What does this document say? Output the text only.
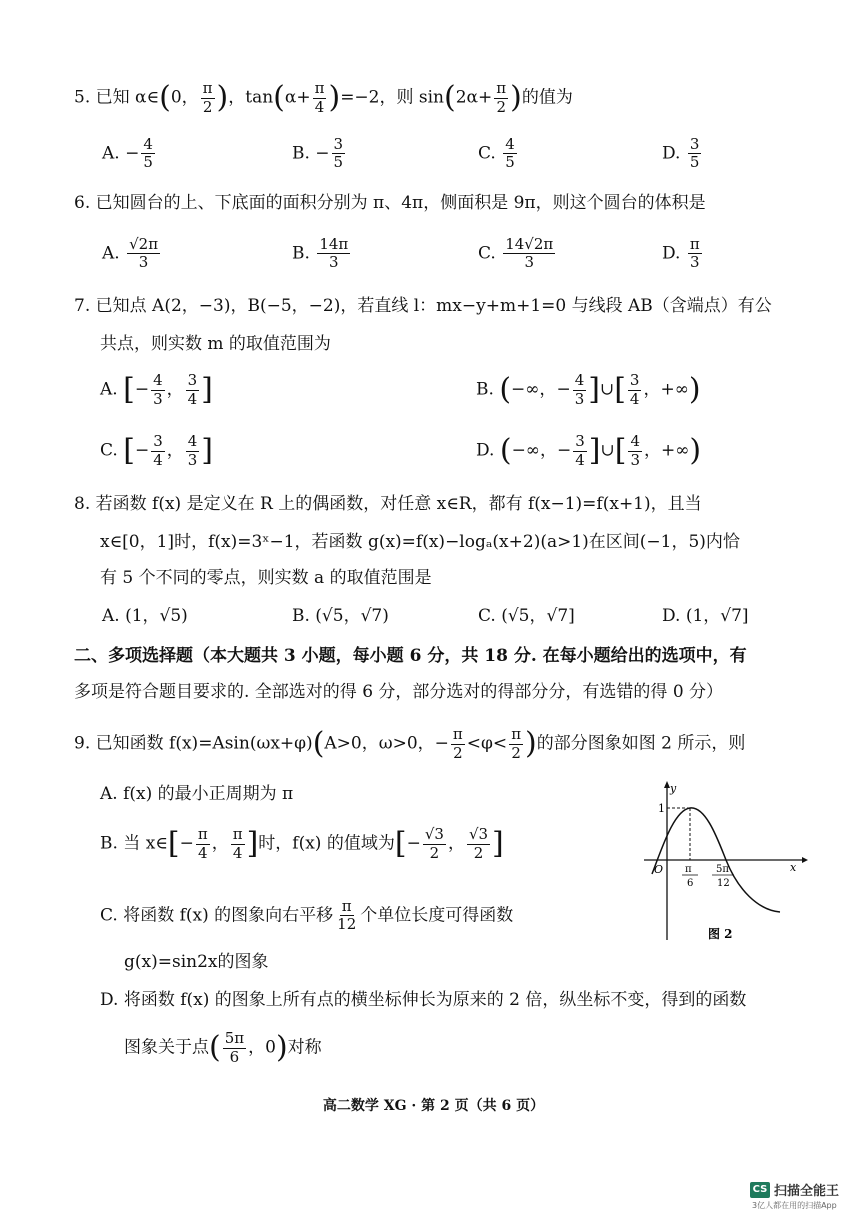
5. 已知 α∈(0， $\frac{\pi}{2}$ )，$\tan(\alpha+ \frac{\pi}{4} )=-2$，则 $\sin(2\alpha+ \frac{\pi}{2}$ )的值为
A. − $\frac{4}{5}$	B. − $\frac{3}{5}$	C. $\frac{4}{5}$	D. $\frac{3}{5}$
6. 已知圆台的上、下底面的面积分别为 π、4π，侧面积是 9π，则这个圆台的体积是
A. $\frac{√2\pi}{3}$	B. $\frac{14\pi}{3}$	C. $\frac{14√2\pi}{3}$	D. $\frac{\pi}{3}$
7. 已知点 A(2，−3)，B(−5，−2)，若直线 l：mx−y+m+1=0 与线段 AB（含端点）有公
共点，则实数 m 的取值范围为
A. [− $\frac{4}{3}$ ， $\frac{3}{4}$ ]	B. (−∞，− $\frac{4}{3}$ ]∪[ $\frac{3}{4}$ ，+∞)
C. [− $\frac{3}{4}$ ， $\frac{4}{3}$ ]	D. (−∞，− $\frac{3}{4}$ ]∪[ $\frac{4}{3}$ ，+∞)
8. 若函数 f(x) 是定义在 R 上的偶函数，对任意 x∈R，都有 f(x−1)=f(x+1)，且当
x∈[0，1]时，f(x)=3ˣ−1，若函数 g(x)=f(x)−logₐ(x+2)(a>1)在区间(−1，5)内恰
有 5 个不同的零点，则实数 a 的取值范围是
A. (1，√5)	B. (√5，√7)	C. (√5，√7]	D. (1，√7]
二、多项选择题（本大题共 3 小题，每小题 6 分，共 18 分. 在每小题给出的选项中，有
多项是符合题目要求的. 全部选对的得 6 分，部分选对的得部分分，有选错的得 0 分）
9. 已知函数 f(x)=Asin(ωx+φ)(A>0，ω>0，− $\frac{\pi}{2} <\varphi< \frac{\pi}{2}$ )的部分图象如图 2 所示，则
A. f(x) 的最小正周期为 π
B. 当 x∈[− $\frac{\pi}{4}$ ， $\frac{\pi}{4}$ ]时，f(x) 的值域为[− $\frac{√3}{2}$ ， $\frac{√3}{2}$ ]
C. 将函数 f(x) 的图象向右平移 $\frac{\pi}{12}$ 个单位长度可得函数
g(x)=sin2x的图象
D. 将函数 f(x) 的图象上所有点的横坐标伸长为原来的 2 倍，纵坐标不变，得到的函数
图象关于点( $\frac{5\pi}{6}$ ，0)对称
y
x
1
O π
6
5π
12
图 2
高二数学 XG · 第 2 页（共 6 页）
CS 扫描全能王
3亿人都在用的扫描App
